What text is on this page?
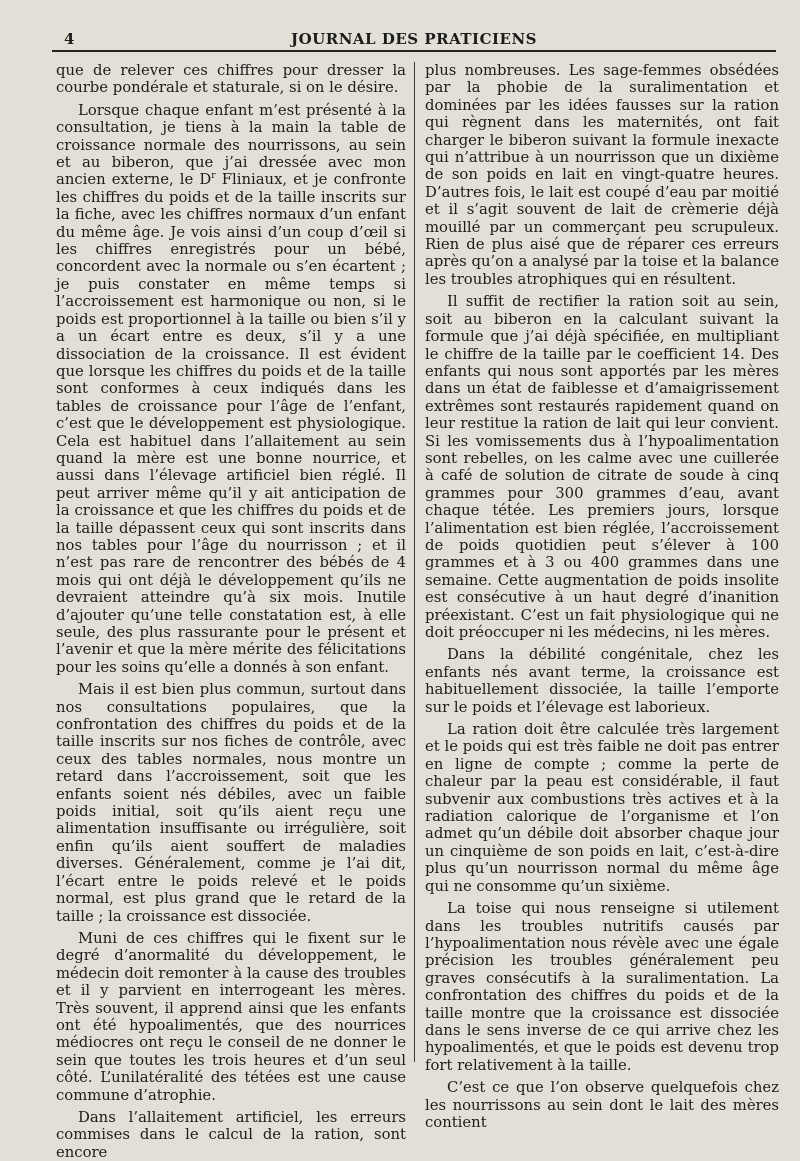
4	JOURNAL DES PRATICIENS

que de relever ces chiffres pour dresser la courbe pondérale et staturale, si on le désire.

Lorsque chaque enfant m’est présenté à la consultation, je tiens à la main la table de croissance normale des nourrissons, au sein et au biberon, que j’ai dressée avec mon ancien externe, le $D^r$ Fliniaux, et je confronte les chiffres du poids et de la taille inscrits sur la fiche, avec les chiffres normaux d’un enfant du même âge. Je vois ainsi d’un coup d’œil si les chiffres enregistrés pour un bébé, concordent avec la normale ou s’en écartent ; je puis constater en même temps si l’accroissement est harmonique ou non, si le poids est proportionnel à la taille ou bien s’il y a un écart entre es deux, s’il y a une dissociation de la croissance. Il est évident que lorsque les chiffres du poids et de la taille sont conformes à ceux indiqués dans les tables de croissance pour l’âge de l’enfant, c’est que le développement est physiologique. Cela est habituel dans l’allaitement au sein quand la mère est une bonne nourrice, et aussi dans l’élevage artificiel bien réglé. Il peut arriver même qu’il y ait anticipation de la croissance et que les chiffres du poids et de la taille dépassent ceux qui sont inscrits dans nos tables pour l’âge du nourrisson ; et il n’est pas rare de rencontrer des bébés de 4 mois qui ont déjà le développement qu’ils ne devraient atteindre qu’à six mois. Inutile d’ajouter qu’une telle constatation est, à elle seule, des plus rassurante pour le présent et l’avenir et que la mère mérite des félicitations pour les soins qu’elle a donnés à son enfant.

Mais il est bien plus commun, surtout dans nos consultations populaires, que la confrontation des chiffres du poids et de la taille inscrits sur nos fiches de contrôle, avec ceux des tables normales, nous montre un retard dans l’accroissement, soit que les enfants soient nés débiles, avec un faible poids initial, soit qu’ils aient reçu une alimentation insuffisante ou irrégulière, soit enfin qu’ils aient souffert de maladies diverses. Généralement, comme je l’ai dit, l’écart entre le poids relevé et le poids normal, est plus grand que le retard de la taille ; la croissance est dissociée.

Muni de ces chiffres qui le fixent sur le degré d’anormalité du développement, le médecin doit remonter à la cause des troubles et il y parvient en interrogeant les mères. Très souvent, il apprend ainsi que les enfants ont été hypoalimentés, que des nourrices médiocres ont reçu le conseil de ne donner le sein que toutes les trois heures et d’un seul côté. L’unilatéralité des tétées est une cause commune d’atrophie.

Dans l’allaitement artificiel, les erreurs commises dans le calcul de la ration, sont encore

plus nombreuses. Les sage-femmes obsédées par la phobie de la suralimentation et dominées par les idées fausses sur la ration qui règnent dans les maternités, ont fait charger le biberon suivant la formule inexacte qui n’attribue à un nourrisson que un dixième de son poids en lait en vingt-quatre heures. D’autres fois, le lait est coupé d’eau par moitié et il s’agit souvent de lait de crèmerie déjà mouillé par un commerçant peu scrupuleux. Rien de plus aisé que de réparer ces erreurs après qu’on a analysé par la toise et la balance les troubles atrophiques qui en résultent.

Il suffit de rectifier la ration soit au sein, soit au biberon en la calculant suivant la formule que j’ai déjà spécifiée, en multipliant le chiffre de la taille par le coefficient 14. Des enfants qui nous sont apportés par les mères dans un état de faiblesse et d’amaigrissement extrêmes sont restaurés rapidement quand on leur restitue la ration de lait qui leur convient. Si les vomissements dus à l’hypoalimentation sont rebelles, on les calme avec une cuillerée à café de solution de citrate de soude à cinq grammes pour 300 grammes d’eau, avant chaque tétée. Les premiers jours, lorsque l’alimentation est bien réglée, l’accroissement de poids quotidien peut s’élever à 100 grammes et à 3 ou 400 grammes dans une semaine. Cette augmentation de poids insolite est consécutive à un haut degré d’inanition préexistant. C’est un fait physiologique qui ne doit préoccuper ni les médecins, ni les mères.

Dans la débilité congénitale, chez les enfants nés avant terme, la croissance est habituellement dissociée, la taille l’emporte sur le poids et l’élevage est laborieux.

La ration doit être calculée très largement et le poids qui est très faible ne doit pas entrer en ligne de compte ; comme la perte de chaleur par la peau est considérable, il faut subvenir aux combustions très actives et à la radiation calorique de l’organisme et l’on admet qu’un débile doit absorber chaque jour un cinquième de son poids en lait, c’est-à-dire plus qu’un nourrisson normal du même âge qui ne consomme qu’un sixième.

La toise qui nous renseigne si utilement dans les troubles nutritifs causés par l’hypoalimentation nous révèle avec une égale précision les troubles généralement peu graves consécutifs à la suralimentation. La confrontation des chiffres du poids et de la taille montre que la croissance est dissociée dans le sens inverse de ce qui arrive chez les hypoalimentés, et que le poids est devenu trop fort relativement à la taille.

C’est ce que l’on observe quelquefois chez les nourrissons au sein dont le lait des mères contient
